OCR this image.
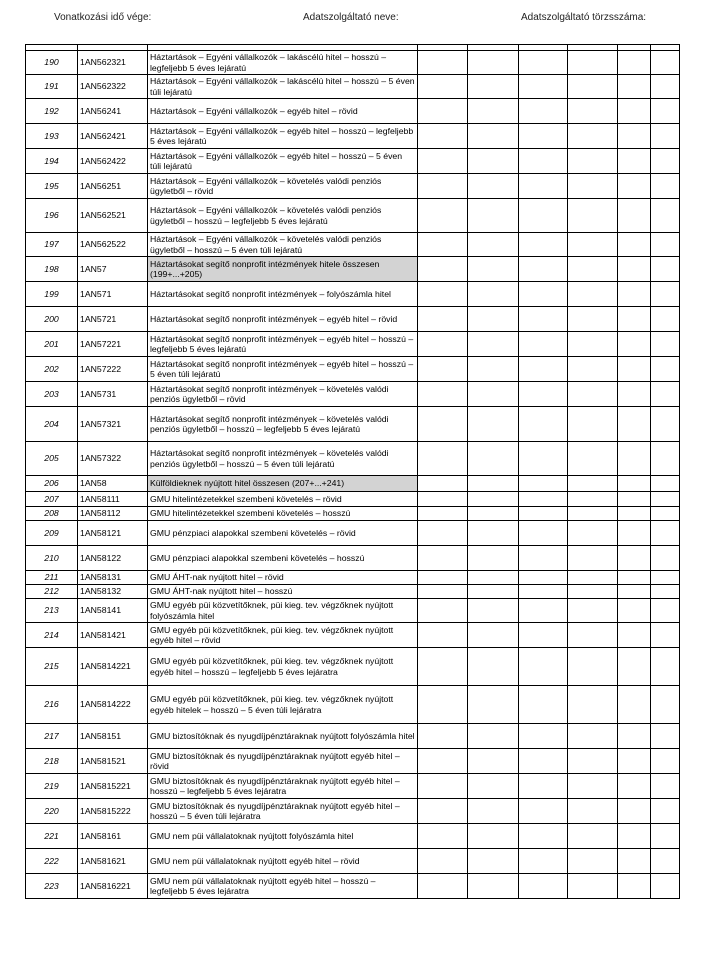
Vonatkozási idő vége:	Adatszolgáltató neve:	Adatszolgáltató törzsszáma:

190	1AN562321	Háztartások – Egyéni vállalkozók – lakáscélú hitel – hosszú – legfeljebb 5 éves lejáratú						
191	1AN562322	Háztartások – Egyéni vállalkozók – lakáscélú hitel – hosszú – 5 éven túli lejáratú						
192	1AN56241	Háztartások – Egyéni vállalkozók – egyéb hitel – rövid						
193	1AN562421	Háztartások – Egyéni vállalkozók – egyéb hitel – hosszú – legfeljebb 5 éves lejáratú						
194	1AN562422	Háztartások – Egyéni vállalkozók – egyéb hitel – hosszú – 5 éven túli lejáratú						
195	1AN56251	Háztartások – Egyéni vállalkozók – követelés valódi penziós ügyletből – rövid						
196	1AN562521	Háztartások – Egyéni vállalkozók – követelés valódi penziós ügyletből – hosszú – legfeljebb 5 éves lejáratú						
197	1AN562522	Háztartások – Egyéni vállalkozók – követelés valódi penziós ügyletből – hosszú – 5 éven túli lejáratú						
198	1AN57	Háztartásokat segítő nonprofit intézmények hitele összesen (199+...+205)						
199	1AN571	Háztartásokat segítő nonprofit intézmények – folyószámla hitel						
200	1AN5721	Háztartásokat segítő nonprofit intézmények – egyéb hitel – rövid						
201	1AN57221	Háztartásokat segítő nonprofit intézmények – egyéb hitel – hosszú – legfeljebb 5 éves lejáratú						
202	1AN57222	Háztartásokat segítő nonprofit intézmények – egyéb hitel – hosszú – 5 éven túli lejáratú						
203	1AN5731	Háztartásokat segítő nonprofit intézmények – követelés valódi penziós ügyletből – rövid						
204	1AN57321	Háztartásokat segítő nonprofit intézmények – követelés valódi penziós ügyletből – hosszú – legfeljebb 5 éves lejáratú						
205	1AN57322	Háztartásokat segítő nonprofit intézmények – követelés valódi penziós ügyletből – hosszú – 5 éven túli lejáratú						
206	1AN58	Külföldieknek nyújtott hitel összesen (207+...+241)						
207	1AN58111	GMU hitelintézetekkel szembeni követelés – rövid						
208	1AN58112	GMU hitelintézetekkel szembeni követelés – hosszú						
209	1AN58121	GMU pénzpiaci alapokkal szembeni követelés – rövid						
210	1AN58122	GMU pénzpiaci alapokkal szembeni követelés – hosszú						
211	1AN58131	GMU ÁHT-nak nyújtott hitel – rövid						
212	1AN58132	GMU ÁHT-nak nyújtott hitel – hosszú						
213	1AN58141	GMU egyéb püi közvetítőknek, püi kieg. tev. végzőknek nyújtott folyószámla hitel						
214	1AN581421	GMU egyéb püi közvetítőknek, püi kieg. tev. végzőknek nyújtott egyéb hitel – rövid						
215	1AN5814221	GMU egyéb püi közvetítőknek, püi kieg. tev. végzőknek nyújtott egyéb hitel – hosszú – legfeljebb 5 éves lejáratra						
216	1AN5814222	GMU egyéb püi közvetítőknek, püi kieg. tev. végzőknek nyújtott egyéb hitelek – hosszú – 5 éven túli lejáratra						
217	1AN58151	GMU biztosítóknak és nyugdíjpénztáraknak nyújtott folyószámla hitel						
218	1AN581521	GMU biztosítóknak és nyugdíjpénztáraknak nyújtott egyéb hitel – rövid						
219	1AN5815221	GMU biztosítóknak és nyugdíjpénztáraknak nyújtott egyéb hitel – hosszú – legfeljebb 5 éves lejáratra						
220	1AN5815222	GMU biztosítóknak és nyugdíjpénztáraknak nyújtott egyéb hitel – hosszú – 5 éven túli lejáratra						
221	1AN58161	GMU nem püi vállalatoknak nyújtott folyószámla hitel						
222	1AN581621	GMU nem püi vállalatoknak nyújtott egyéb hitel – rövid						
223	1AN5816221	GMU nem püi vállalatoknak nyújtott egyéb hitel – hosszú – legfeljebb 5 éves lejáratra						
